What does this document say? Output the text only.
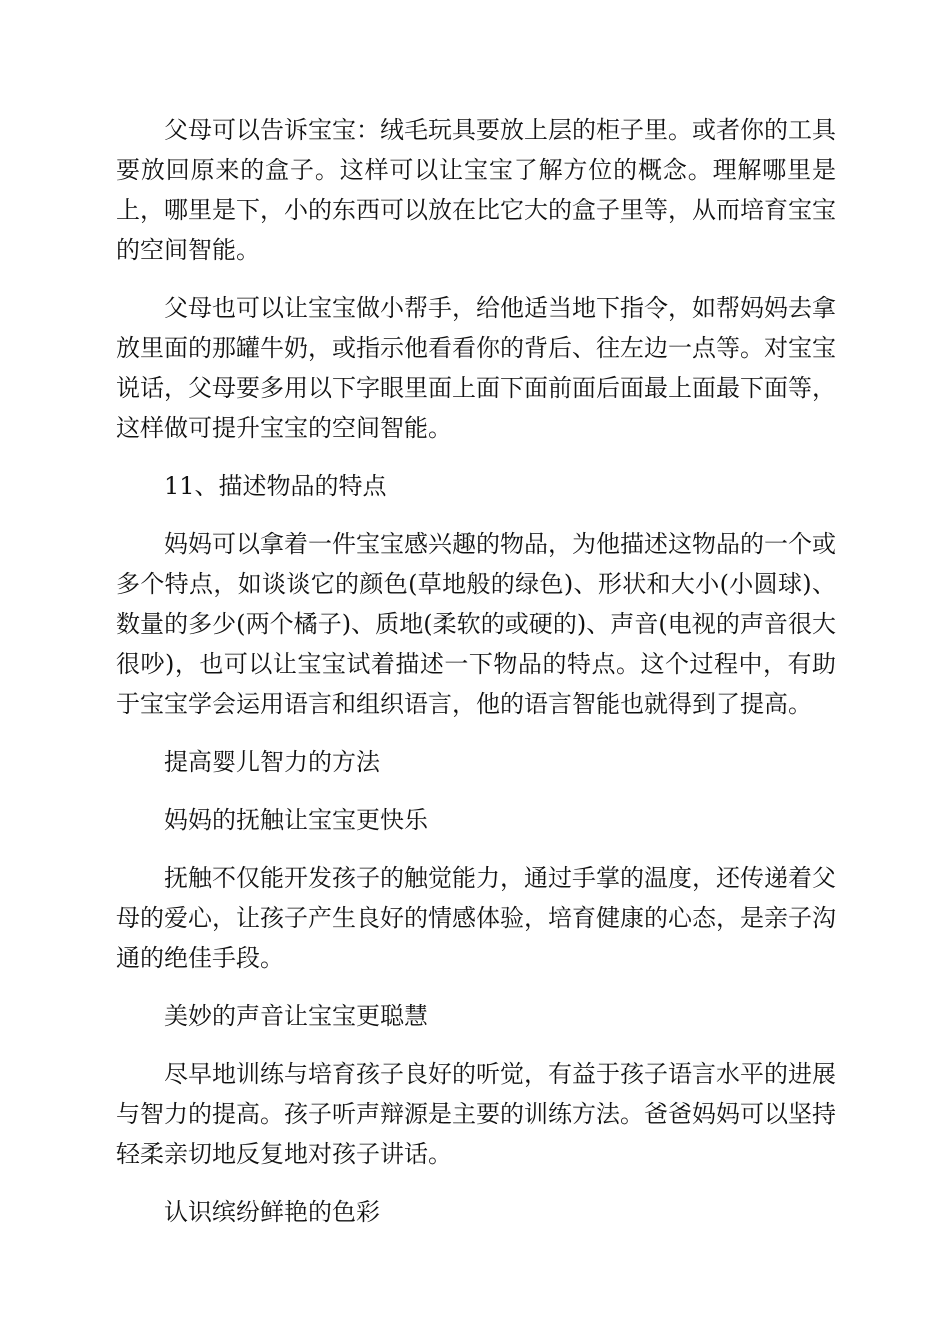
父母可以告诉宝宝：绒毛玩具要放上层的柜子里。或者你的工具要放回原来的盒子。这样可以让宝宝了解方位的概念。理解哪里是上，哪里是下，小的东西可以放在比它大的盒子里等，从而培育宝宝的空间智能。

父母也可以让宝宝做小帮手，给他适当地下指令，如帮妈妈去拿放里面的那罐牛奶，或指示他看看你的背后、往左边一点等。对宝宝说话，父母要多用以下字眼里面上面下面前面后面最上面最下面等，这样做可提升宝宝的空间智能。

11、描述物品的特点

妈妈可以拿着一件宝宝感兴趣的物品，为他描述这物品的一个或多个特点，如谈谈它的颜色(草地般的绿色)、形状和大小(小圆球)、数量的多少(两个橘子)、质地(柔软的或硬的)、声音(电视的声音很大很吵)，也可以让宝宝试着描述一下物品的特点。这个过程中，有助于宝宝学会运用语言和组织语言，他的语言智能也就得到了提高。

提高婴儿智力的方法

妈妈的抚触让宝宝更快乐

抚触不仅能开发孩子的触觉能力，通过手掌的温度，还传递着父母的爱心，让孩子产生良好的情感体验，培育健康的心态，是亲子沟通的绝佳手段。

美妙的声音让宝宝更聪慧

尽早地训练与培育孩子良好的听觉，有益于孩子语言水平的进展与智力的提高。孩子听声辩源是主要的训练方法。爸爸妈妈可以坚持轻柔亲切地反复地对孩子讲话。

认识缤纷鲜艳的色彩
